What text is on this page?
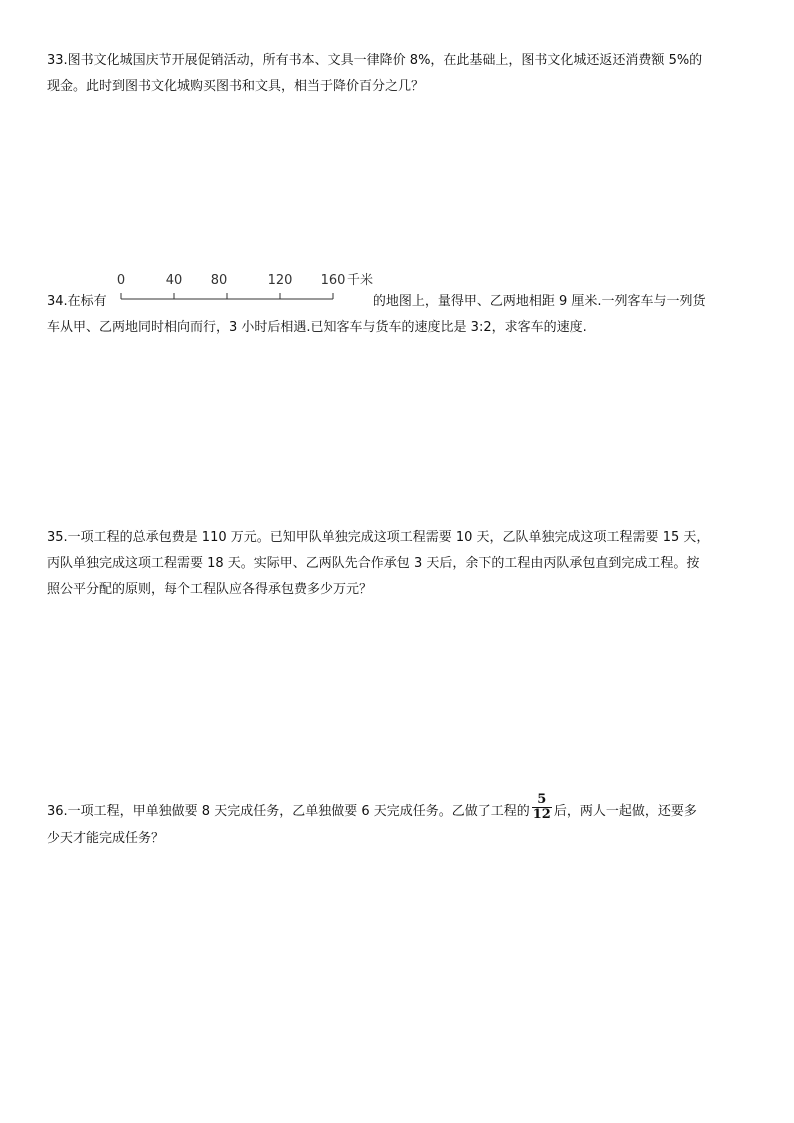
33.图书文化城国庆节开展促销活动，所有书本、文具一律降价 8%，在此基础上，图书文化城还返还消费额 5%的
现金。此时到图书文化城购买图书和文具，相当于降价百分之几？
34.在标有
0	40 80	120 160 千米
的地图上，量得甲、乙两地相距 9 厘米.一列客车与一列货
车从甲、乙两地同时相向而行，3 小时后相遇.已知客车与货车的速度比是 3:2，求客车的速度.
35.一项工程的总承包费是 110 万元。已知甲队单独完成这项工程需要 10 天，乙队单独完成这项工程需要 15 天，
丙队单独完成这项工程需要 18 天。实际甲、乙两队先合作承包 3 天后，余下的工程由丙队承包直到完成工程。按
照公平分配的原则，每个工程队应各得承包费多少万元？
36.一项工程，甲单独做要 8 天完成任务，乙单独做要 6 天完成任务。乙做了工程的 $\frac{5}{12}$ 后，两人一起做，还要多
少天才能完成任务？
